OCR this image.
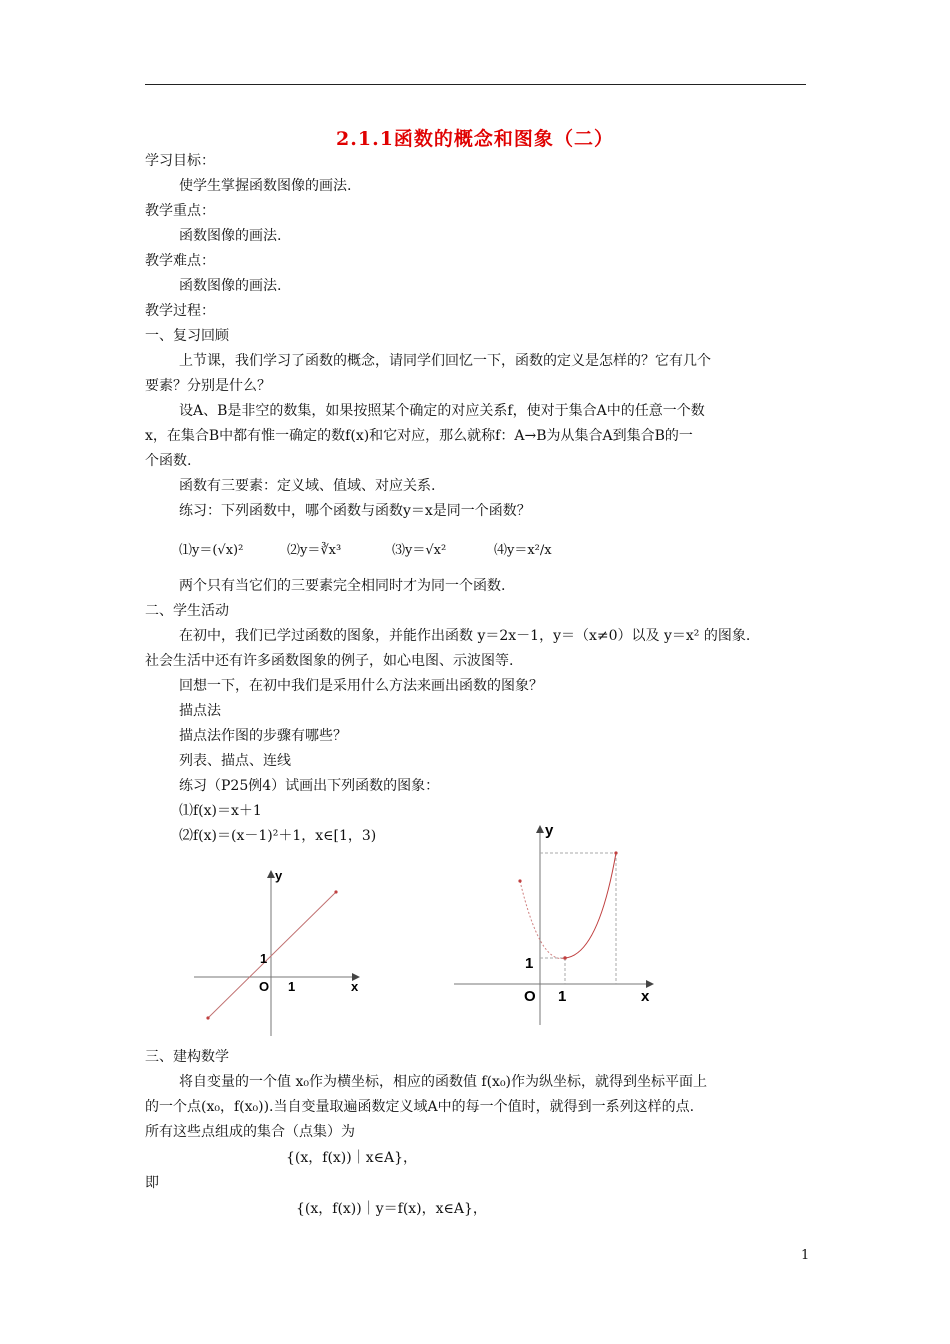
2.1.1函数的概念和图象（二）
学习目标：
使学生掌握函数图像的画法.
教学重点：
函数图像的画法.
教学难点：
函数图像的画法.
教学过程：
一、复习回顾
上节课，我们学习了函数的概念，请同学们回忆一下，函数的定义是怎样的？它有几个
要素？分别是什么？
设A、B是非空的数集，如果按照某个确定的对应关系f，使对于集合A中的任意一个数
x，在集合B中都有惟一确定的数f(x)和它对应，那么就称f：A→B为从集合A到集合B的一
个函数.
函数有三要素：定义域、值域、对应关系.
练习：下列函数中，哪个函数与函数y＝x是同一个函数？
⑴y＝(√x)²	⑵y＝∛x³	⑶y＝√x²	⑷y＝x²/x
两个只有当它们的三要素完全相同时才为同一个函数.
二、学生活动
在初中，我们已学过函数的图象，并能作出函数 y＝2x－1，y＝（x≠0）以及 y＝x² 的图象.
社会生活中还有许多函数图象的例子，如心电图、示波图等.
回想一下，在初中我们是采用什么方法来画出函数的图象？
描点法
描点法作图的步骤有哪些？
列表、描点、连线
练习（P25例4）试画出下列函数的图象：
⑴f(x)＝x＋1
⑵f(x)＝(x－1)²＋1，x∈[1，3)
y
x
O 1
1
y
x
O 1
1
三、建构数学
将自变量的一个值 x₀作为横坐标，相应的函数值 f(x₀)作为纵坐标，就得到坐标平面上
的一个点(x₀，f(x₀)).当自变量取遍函数定义域A中的每一个值时，就得到一系列这样的点.
所有这些点组成的集合（点集）为
{(x，f(x))｜x∈A}，
即
{(x，f(x))｜y＝f(x)，x∈A}，
1
